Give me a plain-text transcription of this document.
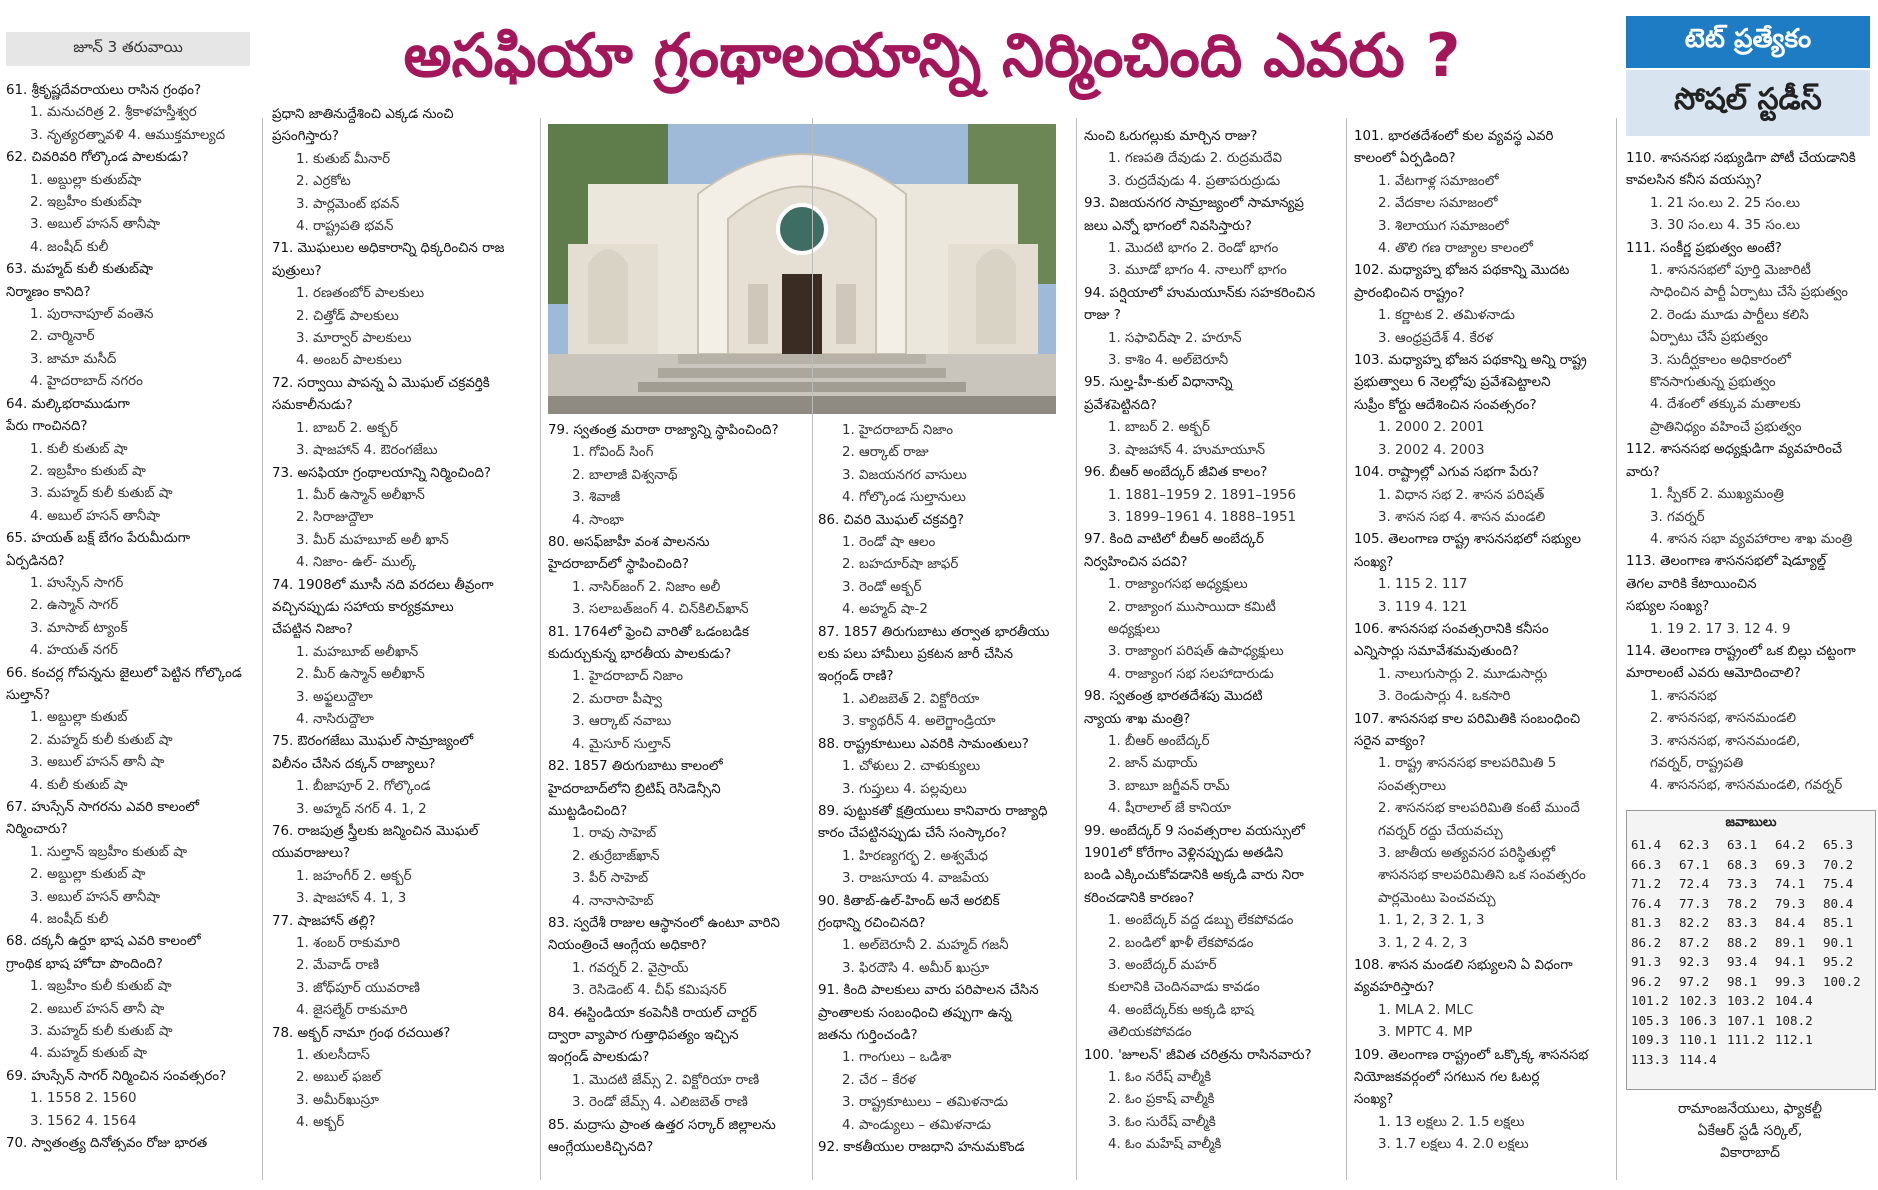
జూన్ 3 తరువాయి	అసఫియా గ్రంథాలయాన్ని నిర్మించింది ఎవరు ?	టెట్ ప్రత్యేకం
సోషల్ స్టడీస్
61. శ్రీకృష్ణదేవరాయలు రాసిన గ్రంథం?
1. మనుచరిత్ర 2. శ్రీకాళహస్తీశ్వర
3. నృత్యరత్నావళి 4. ఆముక్తమాల్యద
62. చివరివరి గోల్కొండ పాలకుడు?
1. అబ్దుల్లా కుతుబ్‌షా
2. ఇబ్రహీం కుతుబ్‌షా
3. అబుల్ హసన్ తానీషా
4. జంషీద్ కులీ
63. మహ్మద్ కులీ కుతుబ్‌షా
నిర్మాణం కానిది?
1. పురానాపూల్ వంతెన
2. చార్మినార్
3. జామా మసీద్
4. హైదరాబాద్ నగరం
64. మల్కిభరాముడుగా
పేరు గాంచినది?
1. కులీ కుతుబ్ షా
2. ఇబ్రహీం కుతుబ్ షా
3. మహ్మద్ కులీ కుతుబ్ షా
4. అబుల్ హసన్ తానీషా
65. హయత్ బక్ష్ బేగం పేరుమీదుగా
ఏర్పడినది?
1. హుస్సేన్ సాగర్
2. ఉస్మాన్ సాగర్
3. మాసాబ్ ట్యాంక్
4. హయత్ నగర్
66. కంచర్ల గోపన్నను జైలులో పెట్టిన గోల్కొండ
సుల్తాన్?
1. అబ్దుల్లా కుతుబ్
2. మహ్మద్ కులీ కుతుబ్ షా
3. అబుల్ హసన్ తానీ షా
4. కులీ కుతుబ్ షా
67. హుస్సేన్ సాగరను ఎవరి కాలంలో
నిర్మించారు?
1. సుల్తాన్ ఇబ్రహీం కుతుబ్ షా
2. అబ్దుల్లా కుతుబ్ షా
3. అబుల్ హసన్ తానీషా
4. జంషీద్ కులీ
68. దక్కనీ ఉర్దూ భాష ఎవరి కాలంలో
గ్రాంథిక భాష హోదా పొందింది?
1. ఇబ్రహీం కులీ కుతుబ్ షా
2. అబుల్ హసన్ తానీ షా
3. మహ్మద్ కులీ కుతుబ్ షా
4. మహ్మద్ కుతుబ్ షా
69. హుస్సేన్ సాగర్ నిర్మించిన సంవత్సరం?
1. 1558 2. 1560
3. 1562 4. 1564
70. స్వాతంత్ర్య దినోత్సవం రోజు భారత
ప్రధాని జాతినుద్దేశించి ఎక్కడ నుంచి
ప్రసంగిస్తారు?
1. కుతుబ్ మీనార్
2. ఎర్రకోట
3. పార్లమెంట్ భవన్
4. రాష్ట్రపతి భవన్
71. మొఘలుల అధికారాన్ని ధిక్కరించిన రాజ
పుత్రులు?
1. రణతంబోర్ పాలకులు
2. చిత్తోడ్ పాలకులు
3. మార్వార్ పాలకులు
4. అంబర్ పాలకులు
72. సర్వాయి పాపన్న ఏ మొఘల్ చక్రవర్తికి
సమకాలీనుడు?
1. బాబర్ 2. అక్బర్
3. షాజహాన్ 4. ఔరంగజేబు
73. అసఫియా గ్రంథాలయాన్ని నిర్మించింది?
1. మీర్ ఉస్మాన్ అలీఖాన్
2. సిరాజుద్దౌలా
3. మీర్ మహబూబ్ అలీ ఖాన్
4. నిజాం- ఉల్- ముల్క్
74. 1908లో మూసీ నది వరదలు తీవ్రంగా
వచ్చినప్పుడు సహాయ కార్యక్రమాలు
చేపట్టిన నిజాం?
1. మహబూబ్ అలీఖాన్
2. మీర్ ఉస్మాన్ అలీఖాన్
3. అఫ్జలుద్దౌలా
4. నాసిరుద్దౌలా
75. ఔరంగజేబు మొఘల్ సామ్రాజ్యంలో
విలీనం చేసిన దక్కన్ రాజ్యాలు?
1. బీజాపూర్ 2. గోల్కొండ
3. అహ్మద్ నగర్ 4. 1, 2
76. రాజపుత్ర స్త్రీలకు జన్మించిన మొఘల్
యువరాజులు?
1. జహంగీర్ 2. అక్బర్
3. షాజహాన్ 4. 1, 3
77. షాజహాన్ తల్లి?
1. శంబర్ రాకుమారి
2. మేవాడ్ రాణి
3. జోధ్‌పూర్ యువరాణి
4. జైసల్మేర్ రాకుమారి
78. అక్బర్ నామా గ్రంథ రచయిత?
1. తులసీదాస్
2. అబుల్ ఫజల్
3. అమీర్‌ఖుస్రూ
4. అక్బర్
79. స్వతంత్ర మరాఠా రాజ్యాన్ని స్థాపించింది?
1. గోవింద్ సింగ్
2. బాలాజీ విశ్వనాథ్
3. శివాజీ
4. సాంభా
80. అసఫ్‌జాహీ వంశ పాలనను
హైదరాబాద్‌లో స్థాపించింది?
1. నాసిర్‌జంగ్ 2. నిజాం అలీ
3. సలాబత్‌జంగ్ 4. చిన్‌కిలిచ్‌ఖాన్
81. 1764లో ఫ్రెంచి వారితో ఒడంబడిక
కుదుర్చుకున్న భారతీయ పాలకుడు?
1. హైదరాబాద్ నిజాం
2. మరాఠా పీష్వా
3. ఆర్కాట్ నవాబు
4. మైసూర్ సుల్తాన్
82. 1857 తిరుగుబాటు కాలంలో
హైదరాబాద్‌లోని బ్రిటిష్ రెసిడెన్సీని
ముట్టడించింది?
1. రావు సాహెబ్
2. తుర్రేబాజ్‌ఖాన్
3. పీర్ సాహెబ్
4. నానాసాహెబ్
83. స్వదేశీ రాజుల ఆస్థానంలో ఉంటూ వారిని
నియంత్రించే ఆంగ్లేయ అధికారి?
1. గవర్నర్ 2. వైస్రాయ్
3. రెసిడెంట్ 4. చీఫ్ కమిషనర్
84. ఈస్టిండియా కంపెనీకి రాయల్ చార్టర్
ద్వారా వ్యాపార గుత్తాధిపత్యం ఇచ్చిన
ఇంగ్లండ్ పాలకుడు?
1. మొదటి జేమ్స్ 2. విక్టోరియా రాణి
3. రెండో జేమ్స్ 4. ఎలిజబెత్ రాణి
85. మద్రాసు ప్రాంత ఉత్తర సర్కార్ జిల్లాలను
ఆంగ్లేయులకిచ్చినది?
1. హైదరాబాద్ నిజాం
2. ఆర్కాట్ రాజు
3. విజయనగర వాసులు
4. గోల్కొండ సుల్తానులు
86. చివరి మొఘల్ చక్రవర్తి?
1. రెండో షా ఆలం
2. బహదూర్‌షా జాఫర్
3. రెండో అక్బర్
4. అహ్మద్ షా-2
87. 1857 తిరుగుబాటు తర్వాత భారతీయు
లకు పలు హామీలు ప్రకటన జారీ చేసిన
ఇంగ్లండ్ రాణి?
1. ఎలిజబెత్ 2. విక్టోరియా
3. క్యాథరీన్ 4. అలెగ్జాండ్రియా
88. రాష్ట్రకూటులు ఎవరికి సామంతులు?
1. చోళులు 2. చాళుక్యులు
3. గుప్తులు 4. పల్లవులు
89. పుట్టుకతో క్షత్రియులు కానివారు రాజ్యాధి
కారం చేపట్టినప్పుడు చేసే సంస్కారం?
1. హిరణ్యగర్భ 2. అశ్వమేధ
3. రాజసూయ 4. వాజపేయ
90. కితాబ్-ఉల్-హింద్ అనే అరబిక్
గ్రంథాన్ని రచించినది?
1. అల్‌బెరూనీ 2. మహ్మద్ గజనీ
3. ఫిరదౌసి 4. అమీర్ ఖుస్రూ
91. కింది పాలకులు వారు పరిపాలన చేసిన
ప్రాంతాలకు సంబంధించి తప్పుగా ఉన్న
జతను గుర్తించండి?
1. గాంగులు – ఒడిశా
2. చేర – కేరళ
3. రాష్ట్రకూటులు – తమిళనాడు
4. పాండ్యులు – తమిళనాడు
92. కాకతీయుల రాజధాని హనుమకొండ
నుంచి ఓరుగల్లుకు మార్చిన రాజు?
1. గణపతి దేవుడు 2. రుద్రమదేవి
3. రుద్రదేవుడు 4. ప్రతాపరుద్రుడు
93. విజయనగర సామ్రాజ్యంలో సామాన్యప్ర
జలు ఎన్నో భాగంలో నివసిస్తారు?
1. మొదటి భాగం 2. రెండో భాగం
3. మూడో భాగం 4. నాలుగో భాగం
94. పర్షియాలో హుమయూన్‌కు సహకరించిన
రాజు ?
1. సఫావిద్‌షా 2. హరూన్
3. కాశిం 4. అల్‌బెరూనీ
95. సుల్హ-హీ-కుల్ విధానాన్ని
ప్రవేశపెట్టినది?
1. బాబర్ 2. అక్బర్
3. షాజహాన్ 4. హుమాయూన్
96. బీఆర్ అంబేద్కర్ జీవిత కాలం?
1. 1881–1959 2. 1891–1956
3. 1899–1961 4. 1888–1951
97. కింది వాటిలో బీఆర్ అంబేద్కర్
నిర్వహించిన పదవి?
1. రాజ్యాంగసభ అధ్యక్షులు
2. రాజ్యాంగ ముసాయిదా కమిటీ
అధ్యక్షులు
3. రాజ్యాంగ పరిషత్ ఉపాధ్యక్షులు
4. రాజ్యాంగ సభ సలహాదారుడు
98. స్వతంత్ర భారతదేశపు మొదటి
న్యాయ శాఖ మంత్రి?
1. బీఆర్ అంబేద్కర్
2. జాన్ మథాయ్
3. బాబూ జగ్జీవన్ రామ్
4. షీరాలాల్ జే కానియా
99. అంబేద్కర్ 9 సంవత్సరాల వయస్సులో
1901లో కోరేగాం వెళ్లినప్పుడు అతడిని
బండి ఎక్కించుకోవడానికి అక్కడి వారు నిరా
కరించడానికి కారణం?
1. అంబేద్కర్ వద్ద డబ్బు లేకపోవడం
2. బండిలో ఖాళీ లేకపోవడం
3. అంబేద్కర్ మహర్
కులానికి చెందినవాడు కావడం
4. అంబేద్కర్‌కు అక్కడి భాష
తెలియకపోవడం
100. 'జూలన్' జీవిత చరిత్రను రాసినవారు?
1. ఓం నరేష్ వాల్మీకి
2. ఓం ప్రకాష్ వాల్మీకి
3. ఓం సురేష్ వాల్మీకి
4. ఓం మహేష్ వాల్మీకి
101. భారతదేశంలో కుల వ్యవస్థ ఎవరి
కాలంలో ఏర్పడింది?
1. వేటగాళ్ల సమాజంలో
2. వేదకాల సమాజంలో
3. శిలాయుగ సమాజంలో
4. తొలి గణ రాజ్యాల కాలంలో
102. మధ్యాహ్న భోజన పథకాన్ని మొదట
ప్రారంభించిన రాష్ట్రం?
1. కర్ణాటక 2. తమిళనాడు
3. ఆంధ్రప్రదేశ్ 4. కేరళ
103. మధ్యాహ్న భోజన పథకాన్ని అన్ని రాష్ట్ర
ప్రభుత్వాలు 6 నెలల్లోపు ప్రవేశపెట్టాలని
సుప్రీం కోర్టు ఆదేశించిన సంవత్సరం?
1. 2000 2. 2001
3. 2002 4. 2003
104. రాష్ట్రాల్లో ఎగువ సభగా పేరు?
1. విధాన సభ 2. శాసన పరిషత్
3. శాసన సభ 4. శాసన మండలి
105. తెలంగాణ రాష్ట్ర శాసనసభలో సభ్యుల
సంఖ్య?
1. 115 2. 117
3. 119 4. 121
106. శాసనసభ సంవత్సరానికి కనీసం
ఎన్నిసార్లు సమావేశమవుతుంది?
1. నాలుగుసార్లు 2. మూడుసార్లు
3. రెండుసార్లు 4. ఒకసారి
107. శాసనసభ కాల పరిమితికి సంబంధించి
సరైన వాక్యం?
1. రాష్ట్ర శాసనసభ కాలపరిమితి 5
సంవత్సరాలు
2. శాసనసభ కాలపరిమితి కంటే ముందే
గవర్నర్ రద్దు చేయవచ్చు
3. జాతీయ అత్యవసర పరిస్థితుల్లో
శాసనసభ కాలపరిమితిని ఒక సంవత్సరం
పార్లమెంటు పెంచవచ్చు
1. 1, 2, 3 2. 1, 3
3. 1, 2 4. 2, 3
108. శాసన మండలి సభ్యులని ఏ విధంగా
వ్యవహరిస్తారు?
1. MLA 2. MLC
3. MPTC 4. MP
109. తెలంగాణ రాష్ట్రంలో ఒక్కొక్క శాసనసభ
నియోజకవర్గంలో సగటున గల ఓటర్ల
సంఖ్య?
1. 13 లక్షలు 2. 1.5 లక్షలు
3. 1.7 లక్షలు 4. 2.0 లక్షలు
110. శాసనసభ సభ్యుడిగా పోటీ చేయడానికి
కావలసిన కనీస వయస్సు?
1. 21 సం.లు 2. 25 సం.లు
3. 30 సం.లు 4. 35 సం.లు
111. సంకీర్ణ ప్రభుత్వం అంటే?
1. శాసనసభలో పూర్తి మెజారిటీ
సాధించిన పార్టీ ఏర్పాటు చేసే ప్రభుత్వం
2. రెండు మూడు పార్టీలు కలిసి
ఏర్పాటు చేసే ప్రభుత్వం
3. సుదీర్ఘకాలం అధికారంలో
కొనసాగుతున్న ప్రభుత్వం
4. దేశంలో తక్కువ మతాలకు
ప్రాతినిధ్యం వహించే ప్రభుత్వం
112. శాసనసభ అధ్యక్షుడిగా వ్యవహరించే
వారు?
1. స్పీకర్ 2. ముఖ్యమంత్రి
3. గవర్నర్
4. శాసన సభా వ్యవహారాల శాఖ మంత్రి
113. తెలంగాణ శాసనసభలో షెడ్యూల్డ్
తెగల వారికి కేటాయించిన
సభ్యుల సంఖ్య?
1. 19 2. 17 3. 12 4. 9
114. తెలంగాణ రాష్ట్రంలో ఒక బిల్లు చట్టంగా
మారాలంటే ఎవరు ఆమోదించాలి?
1. శాసనసభ
2. శాసనసభ, శాసనమండలి
3. శాసనసభ, శాసనమండలి,
గవర్నర్, రాష్ట్రపతి
4. శాసనసభ, శాసనమండలి, గవర్నర్
జవాబులు
61.4	62.3	63.1	64.2	65.3
66.3	67.1	68.3	69.3	70.2
71.2	72.4	73.3	74.1	75.4
76.4	77.3	78.2	79.3	80.4
81.3	82.2	83.3	84.4	85.1
86.2	87.2	88.2	89.1	90.1
91.3	92.3	93.4	94.1	95.2
96.2	97.2	98.1	99.3	100.2
101.2 102.3 103.2 104.4
105.3 106.3 107.1 108.2
109.3 110.1 111.2 112.1
113.3 114.4
రామాంజనేయులు, ఫ్యాకల్టీ
ఏకేఆర్ స్టడీ సర్కిల్,
వికారాబాద్
